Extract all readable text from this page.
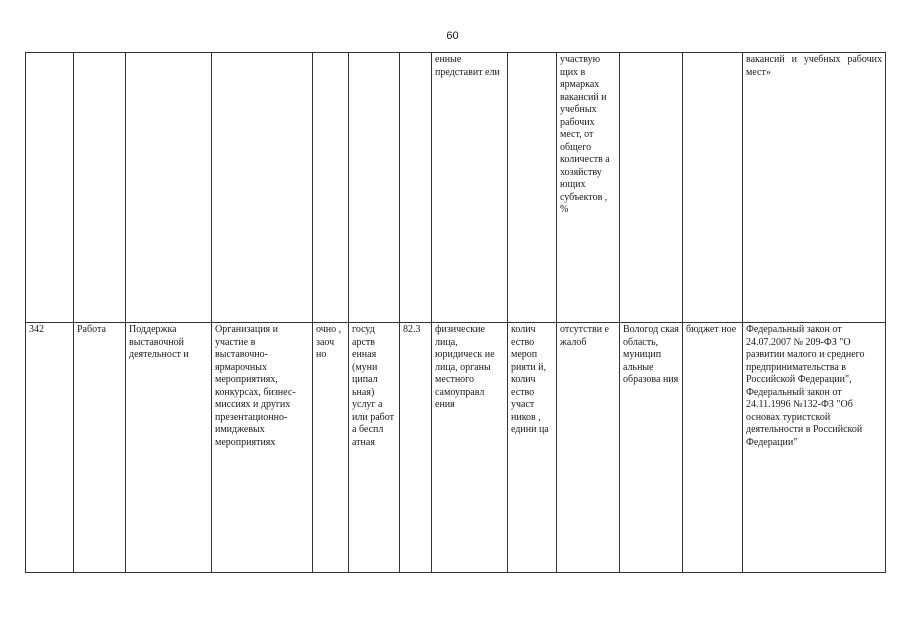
60
							енные представит ели		участвую щих в ярмарках вакансий и учебных рабочих мест, от общего количеств а хозяйству ющих субъектов , %			вакансий и учебных рабочих мест»
342	Работа	Поддержка выставочной деятельност и	Организация и участие в выставочно-ярмарочных мероприятиях, конкурсах, бизнес-миссиях и других презентационно-имиджевых мероприятиях	очно , заоч но	госуд арств енная (муни ципал ьная) услуг а или работ а беспл атная	82.3	физические лица, юридическ ие лица, органы местного самоуправл ения	колич ество мероп рияти й, колич ество участ ников , едини ца	отсутстви е жалоб	Вологод ская область, муницип альные образова ния	бюджет ное	Федеральный закон от 24.07.2007 № 209-ФЗ "О развитии малого и среднего предпринимательства в Российской Федерации", Федеральный закон от 24.11.1996 №132-ФЗ "Об основах туристской деятельности в Российской Федерации"
